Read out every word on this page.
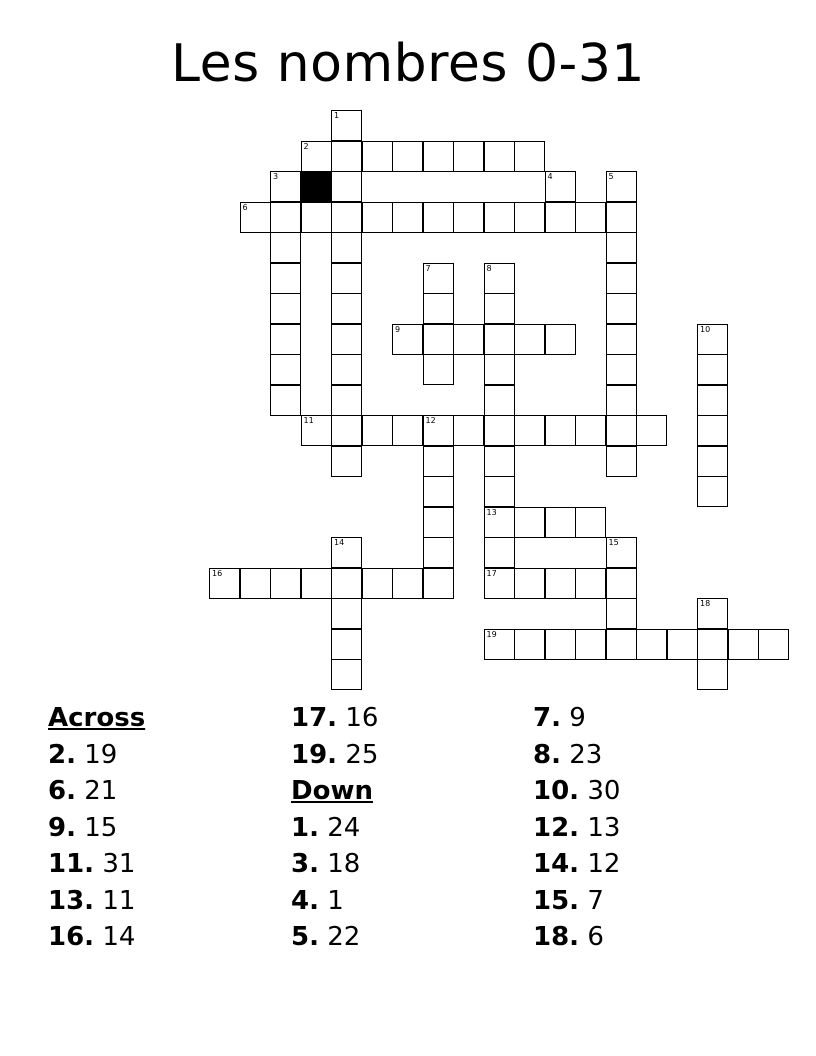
Les nombres 0-31
1
2
3	4	5
6
7	8
9	10
11	12
13
14	15
16	17
18
19
Across
2. 19
6. 21
9. 15
11. 31
13. 11
16. 14
17. 16
19. 25
Down
1. 24
3. 18
4. 1
5. 22
7. 9
8. 23
10. 30
12. 13
14. 12
15. 7
18. 6
